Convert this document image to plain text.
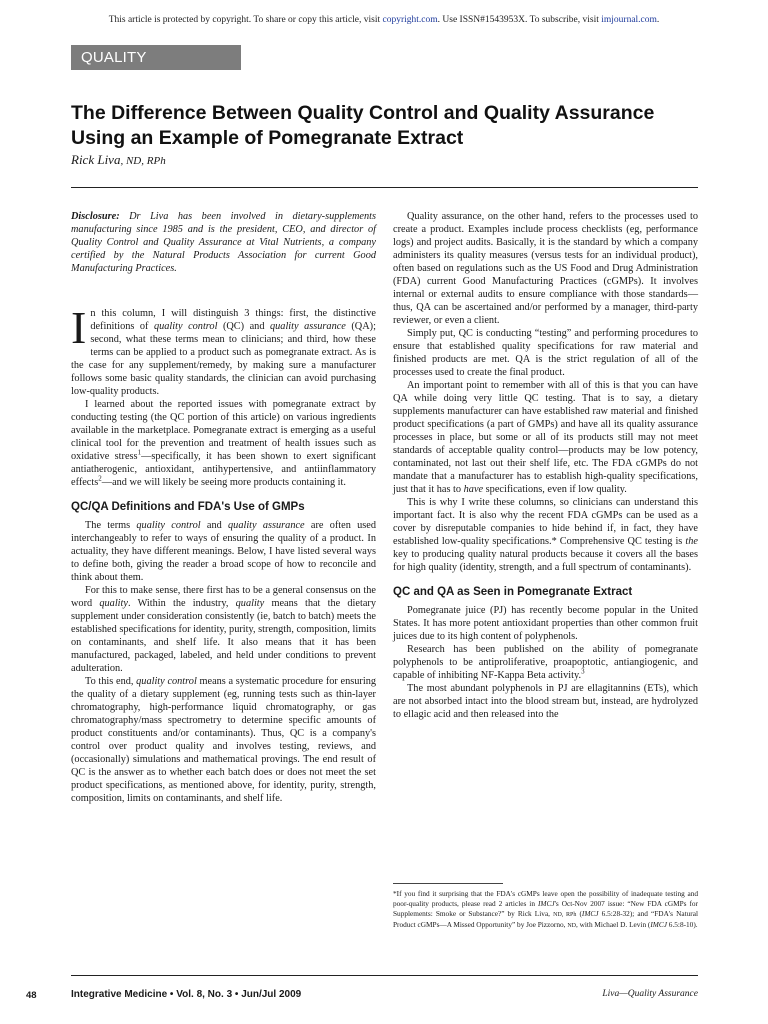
This article is protected by copyright. To share or copy this article, visit copyright.com. Use ISSN#1543953X. To subscribe, visit imjournal.com.
QUALITY ASSURANCE
The Difference Between Quality Control and Quality Assurance Using an Example of Pomegranate Extract
Rick Liva, ND, RPh

Disclosure: Dr Liva has been involved in dietary-supplements manufacturing since 1985 and is the president, CEO, and director of Quality Control and Quality Assurance at Vital Nutrients, a company certified by the Natural Products Association for current Good Manufacturing Practices.

In this column, I will distinguish 3 things: first, the distinctive definitions of quality control (QC) and quality assurance (QA); second, what these terms mean to clinicians; and third, how these terms can be applied to a product such as pomegranate extract. As is the case for any supplement/remedy, by making sure a manufacturer follows some basic quality standards, the clinician can avoid purchasing low-quality products.

I learned about the reported issues with pomegranate extract by conducting testing (the QC portion of this article) on various ingredients available in the marketplace. Pomegranate extract is emerging as a useful clinical tool for the prevention and treatment of health issues such as oxidative stress$^1$—specifically, it has been shown to exert significant antiatherogenic, antioxidant, antihypertensive, and antiinflammatory effects$^2$—and we will likely be seeing more products containing it.

QC/QA Definitions and FDA's Use of GMPs

The terms quality control and quality assurance are often used interchangeably to refer to ways of ensuring the quality of a product. In actuality, they have different meanings. Below, I have listed several ways to define both, giving the reader a broad scope of how to reconcile and think about them.

For this to make sense, there first has to be a general consensus on the word quality. Within the industry, quality means that the dietary supplement under consideration consistently (ie, batch to batch) meets the established specifications for identity, purity, strength, composition, limits on contaminants, and shelf life. It also means that it has been manufactured, packaged, labeled, and held under conditions to prevent adulteration.

To this end, quality control means a systematic procedure for ensuring the quality of a dietary supplement (eg, running tests such as thin-layer chromatography, high-performance liquid chromatography, or gas chromatography/mass spectrometry to determine specific amounts of product constituents and/or contaminants). Thus, QC is a company's control over product quality and involves testing, reviews, and (occasionally) simulations and mathematical provings. The end result of QC is the answer as to whether each batch does or does not meet the set product specifications, as mentioned above, for identity, purity, strength, composition, limits on contaminants, and shelf life.

Quality assurance, on the other hand, refers to the processes used to create a product. Examples include process checklists (eg, performance logs) and project audits. Basically, it is the standard by which a company administers its quality measures (versus tests for an individual product), often based on regulations such as the US Food and Drug Administration (FDA) current Good Manufacturing Practices (cGMPs). It involves internal or external audits to ensure compliance with those standards—thus, QA can be ascertained and/or performed by a manager, third-party reviewer, or even a client.

Simply put, QC is conducting “testing” and performing procedures to ensure that established quality specifications for raw material and finished products are met. QA is the strict regulation of all of the processes used to create the final product.

An important point to remember with all of this is that you can have QA while doing very little QC testing. That is to say, a dietary supplements manufacturer can have established raw material and finished product specifications (a part of GMPs) and have all its quality assurance processes in place, but some or all of its products still may not meet standards of acceptable quality control—products may be low potency, contaminated, not last out their shelf life, etc. The FDA cGMPs do not mandate that a manufacturer has to establish high-quality specifications, just that it has to have specifications, even if low quality.

This is why I write these columns, so clinicians can understand this important fact. It is also why the recent FDA cGMPs can be used as a cover by disreputable companies to hide behind if, in fact, they have established low-quality specifications.* Comprehensive QC testing is the key to producing quality natural products because it covers all the bases for high quality (identity, strength, and a full spectrum of contaminants).

QC and QA as Seen in Pomegranate Extract

Pomegranate juice (PJ) has recently become popular in the United States. It has more potent antioxidant properties than other common fruit juices due to its high content of polyphenols.

Research has been published on the ability of pomegranate polyphenols to be antiproliferative, proapoptotic, antiangiogenic, and capable of inhibiting NF-Kappa Beta activity.$^3$

The most abundant polyphenols in PJ are ellagitannins (ETs), which are not absorbed intact into the blood stream but, instead, are hydrolyzed to ellagic acid and then released into the

*If you find it surprising that the FDA's cGMPs leave open the possibility of inadequate testing and poor-quality products, please read 2 articles in IMCJ's Oct-Nov 2007 issue: “New FDA cGMPs for Supplements: Smoke or Substance?” by Rick Liva, ND, RPh (IMCJ 6.5:28-32); and “FDA's Natural Product cGMPs—A Missed Opportunity” by Joe Pizzorno, ND, with Michael D. Levin (IMCJ 6.5:8-10).
48	Integrative Medicine • Vol. 8, No. 3 • Jun/Jul 2009	Liva—Quality Assurance
